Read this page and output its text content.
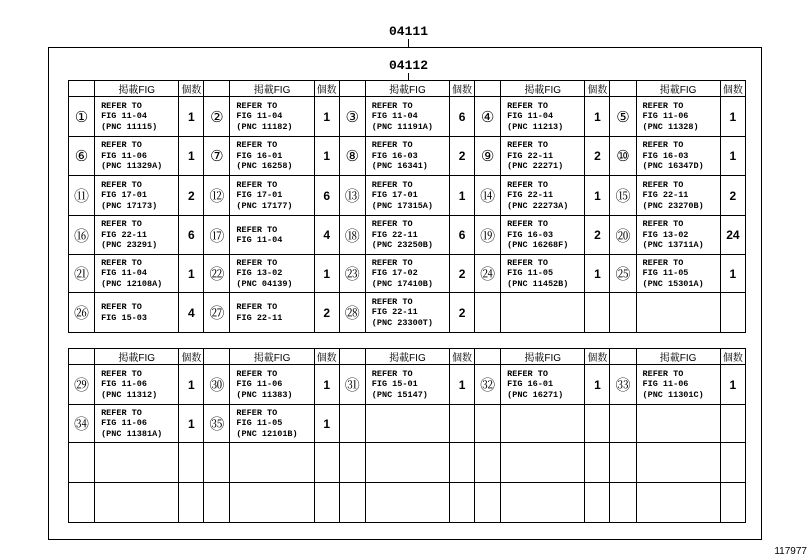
04111
04112
	掲載FIG	個数		掲載FIG	個数		掲載FIG	個数		掲載FIG	個数		掲載FIG	個数
①	REFER TO
FIG 11-04
(PNC 11115)	1	②	REFER TO
FIG 11-04
(PNC 11182)	1	③	REFER TO
FIG 11-04
(PNC 11191A)	6	④	REFER TO
FIG 11-04
(PNC 11213)	1	⑤	REFER TO
FIG 11-06
(PNC 11328)	1
⑥	REFER TO
FIG 11-06
(PNC 11329A)	1	⑦	REFER TO
FIG 16-01
(PNC 16258)	1	⑧	REFER TO
FIG 16-03
(PNC 16341)	2	⑨	REFER TO
FIG 22-11
(PNC 22271)	2	⑩	REFER TO
FIG 16-03
(PNC 16347D)	1
⑪	REFER TO
FIG 17-01
(PNC 17173)	2	⑫	REFER TO
FIG 17-01
(PNC 17177)	6	⑬	REFER TO
FIG 17-01
(PNC 17315A)	1	⑭	REFER TO
FIG 22-11
(PNC 22273A)	1	⑮	REFER TO
FIG 22-11
(PNC 23270B)	2
⑯	REFER TO
FIG 22-11
(PNC 23291)	6	⑰	REFER TO
FIG 11-04	4	⑱	REFER TO
FIG 22-11
(PNC 23250B)	6	⑲	REFER TO
FIG 16-03
(PNC 16268F)	2	⑳	REFER TO
FIG 13-02
(PNC 13711A)	24
㉑	REFER TO
FIG 11-04
(PNC 12108A)	1	㉒	REFER TO
FIG 13-02
(PNC 04139)	1	㉓	REFER TO
FIG 17-02
(PNC 17410B)	2	㉔	REFER TO
FIG 11-05
(PNC 11452B)	1	㉕	REFER TO
FIG 11-05
(PNC 15301A)	1
㉖	REFER TO
FIG 15-03	4	㉗	REFER TO
FIG 22-11	2	㉘	REFER TO
FIG 22-11
(PNC 23300T)	2						
	掲載FIG	個数		掲載FIG	個数		掲載FIG	個数		掲載FIG	個数		掲載FIG	個数
㉙	REFER TO
FIG 11-06
(PNC 11312)	1	㉚	REFER TO
FIG 11-06
(PNC 11383)	1	㉛	REFER TO
FIG 15-01
(PNC 15147)	1	㉜	REFER TO
FIG 16-01
(PNC 16271)	1	㉝	REFER TO
FIG 11-06
(PNC 11301C)	1
㉞	REFER TO
FIG 11-06
(PNC 11381A)	1	㉟	REFER TO
FIG 11-05
(PNC 12101B)	1									

117977
